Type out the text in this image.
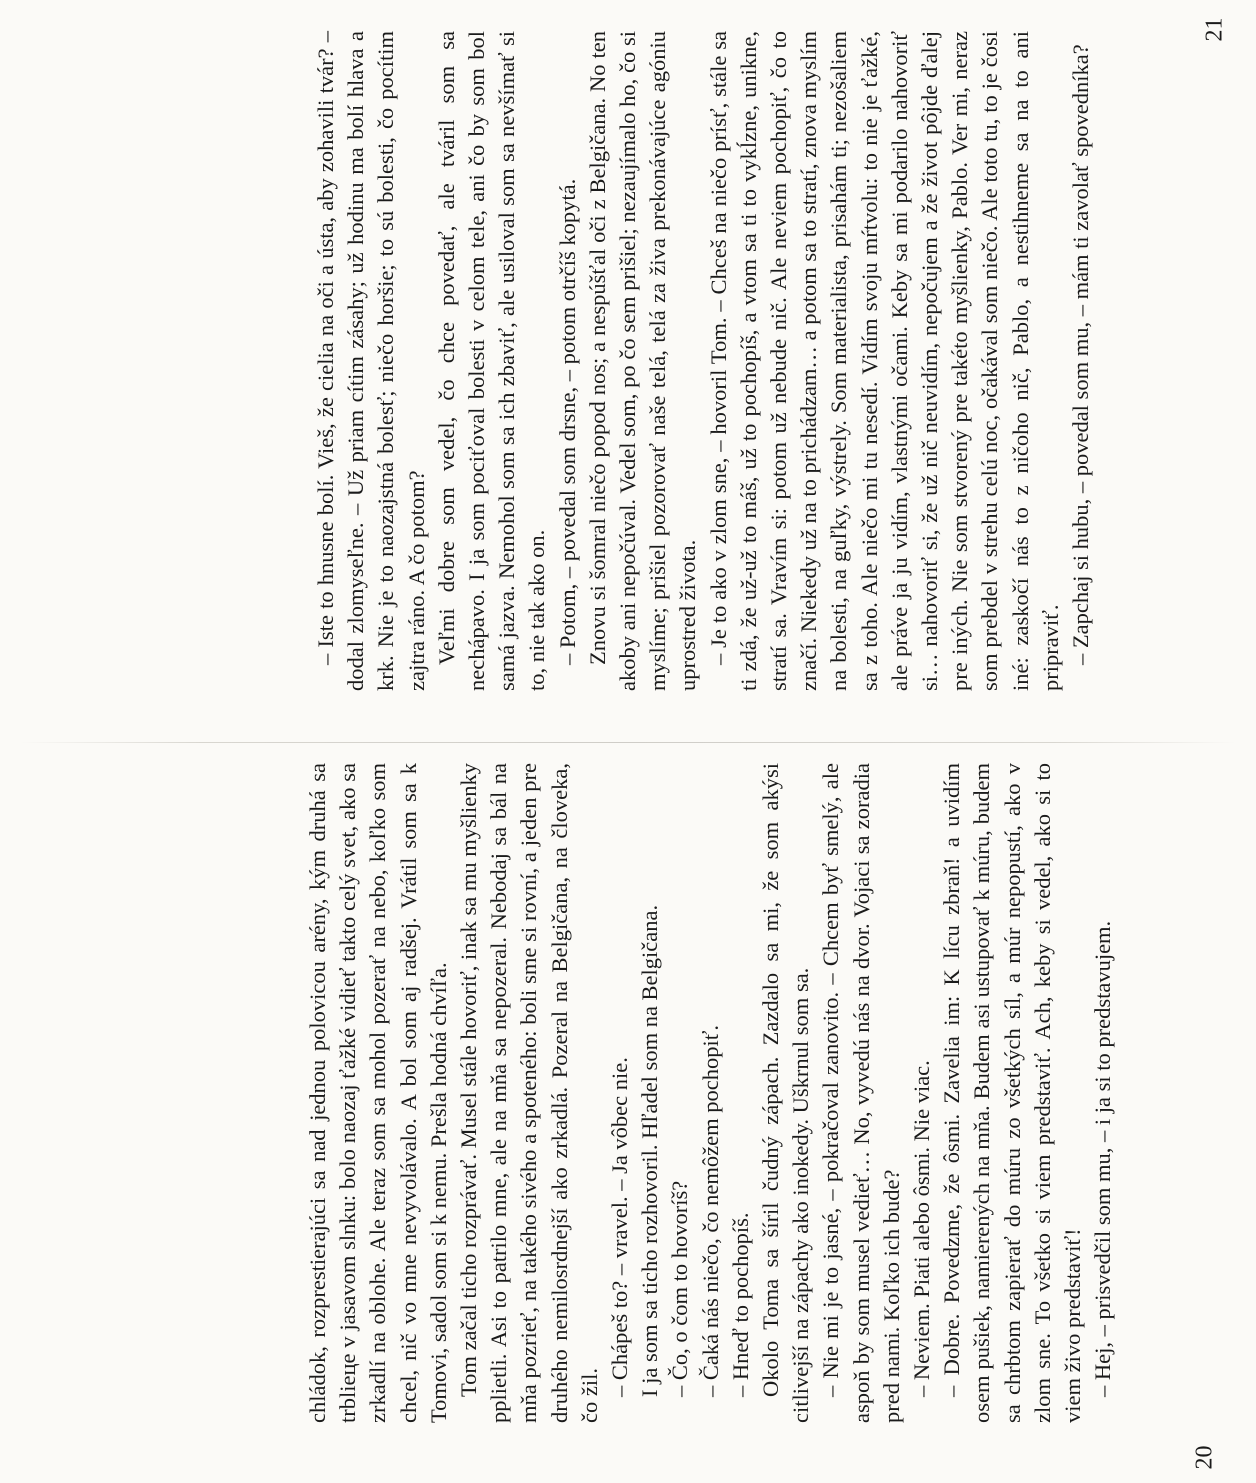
chládok, rozprestierajúci sa nad jednou polovicou arény, kým druhá sa trblieце v jasavom slnku: bolo naozaj ťažké vidieť takto celý svet, ako sa zrkadlí na oblohe. Ale teraz som sa mohol pozerať na nebo, koľko som chcel, nič vo mne nevyvolávalo. A bol som aj radšej. Vrátil som sa k Tomovi, sadol som si k nemu. Prešla hodná chvíľa. Tom začal ticho rozprávať. Musel stále hovoriť, inak sa mu myšlienky pplietli. Asi to patrilo mne, ale na mňa sa nepozeral. Nebodaj sa bál na mňa pozrieť, na takého sivého a spoteného: boli sme si rovní, a jeden pre druhého nemilosrdnejší ako zrkadlá. Pozeral na Belgičana, na človeka, čo žil. – Chápeš to? – vravel. – Ja vôbec nie. I ja som sa ticho rozhovoril. Hľadel som na Belgičana. – Čo, o čom to hovoríš? – Čaká nás niečo, čo nemôžem pochopiť. – Hneď to pochopíš. Okolo Toma sa šíril čudný zápach. Zazdalo sa mi, že som akýsi citlivejší na zápachy ako inokedy. Uškrnul som sa. – Nie mi je to jasné, – pokračoval zanovito. – Chcem byť smelý, ale aspoň by som musel vedieť… No, vyvedú nás na dvor. Vojaci sa zoradia pred nami. Koľko ich bude? – Neviem. Piati alebo ôsmi. Nie viac. – Dobre. Povedzme, že ôsmi. Zavelia im: K lícu zbraň! a uvidím osem pušiek, namierených na mňa. Budem asi ustupovať k múru, budem sa chrbtom zapierať do múru zo všetkých síl, a múr nepopustí, ako v zlom sne. To všetko si viem predstaviť. Ach, keby si vedel, ako si to viem živo predstaviť! – Hej, – prisvedčil som mu, – i ja si to predstavujem.

– Iste to hnusne bolí. Vieš, že cielia na oči a ústa, aby zohavili tvár? – dodal zlomyseľne. – Už priam cítim zásahy; už hodinu ma bolí hlava a krk. Nie je to naozajstná bolesť; niečo horšie; to sú bolesti, čo pocítim zajtra ráno. A čo potom? Veľmi dobre som vedel, čo chce povedať, ale tváril som sa nechápavo. I ja som pociťoval bolesti v celom tele, ani čo by som bol samá jazva. Nemohol som sa ich zbaviť, ale usiloval som sa nevšímať si to, nie tak ako on. – Potom, – povedal som drsne, – potom otrčíš kopytá. Znovu si šomral niečo popod nos; a nespúšťal oči z Belgičana. No ten akoby ani nepočúval. Vedel som, po čo sem prišiel; nezaujímalo ho, čo si myslíme; prišiel pozorovať naše telá, telá za živa prekonávajúce agóniu uprostred života. – Je to ako v zlom sne, – hovoril Tom. – Chceš na niečo prísť, stále sa ti zdá, že už-už to máš, už to pochopíš, a vtom sa ti to vykĺzne, unikne, stratí sa. Vravím si: potom už nebude nič. Ale neviem pochopiť, čo to značí. Niekedy už na to prichádzam… a potom sa to stratí, znova myslím na bolesti, na guľky, výstrely. Som materialista, prisahám ti; nezošaliem sa z toho. Ale niečo mi tu nesedí. Vidím svoju mŕtvolu: to nie je ťažké, ale práve ja ju vidím, vlastnými očami. Keby sa mi podarilo nahovoriť si… nahovoriť si, že už nič neuvidím, nepočujem a že život pôjde ďalej pre iných. Nie som stvorený pre takéto myšlienky, Pablo. Ver mi, neraz som prebdel v strehu celú noc, očakával som niečo. Ale toto tu, to je čosi iné: zaskočí nás to z ničoho nič, Pablo, a nestihneme sa na to ani pripraviť. – Zapchaj si hubu, – povedal som mu, – mám ti zavolať spovedníka?

20
21
